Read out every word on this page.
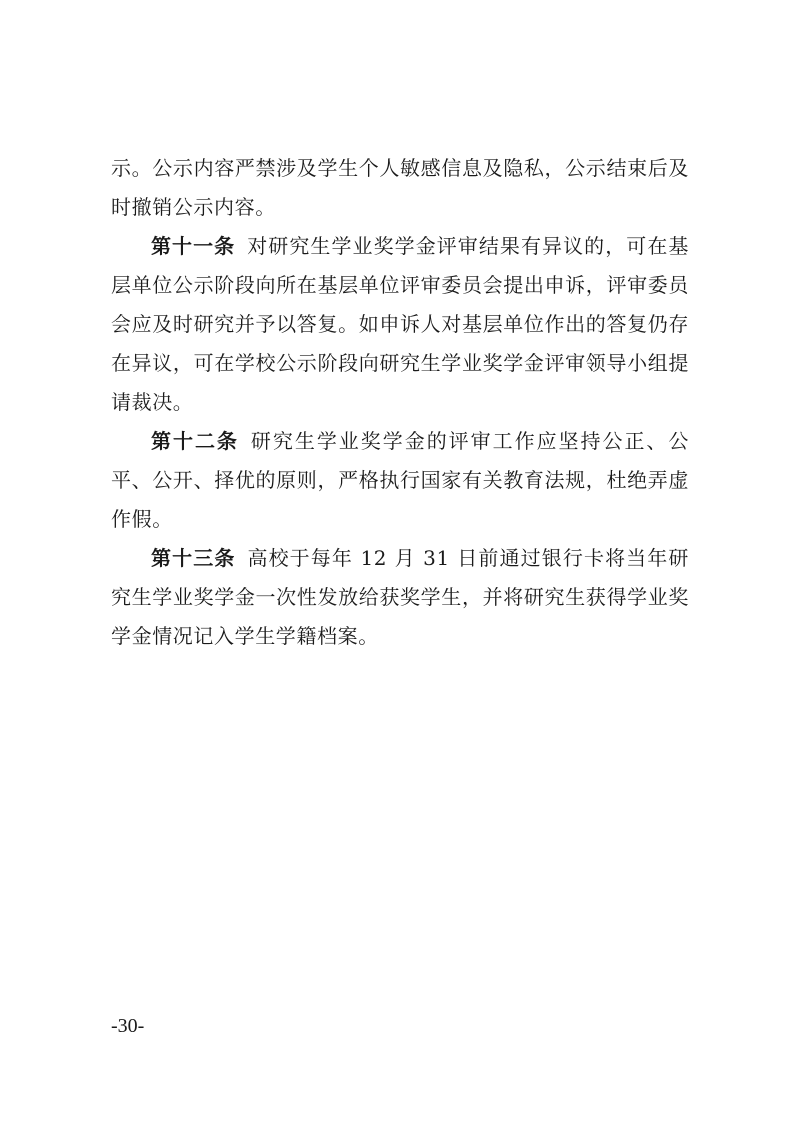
示。公示内容严禁涉及学生个人敏感信息及隐私，公示结束后及时撤销公示内容。

第十一条 对研究生学业奖学金评审结果有异议的，可在基层单位公示阶段向所在基层单位评审委员会提出申诉，评审委员会应及时研究并予以答复。如申诉人对基层单位作出的答复仍存在异议，可在学校公示阶段向研究生学业奖学金评审领导小组提请裁决。

第十二条 研究生学业奖学金的评审工作应坚持公正、公平、公开、择优的原则，严格执行国家有关教育法规，杜绝弄虚作假。

第十三条 高校于每年 12 月 31 日前通过银行卡将当年研究生学业奖学金一次性发放给获奖学生，并将研究生获得学业奖学金情况记入学生学籍档案。

-30-
